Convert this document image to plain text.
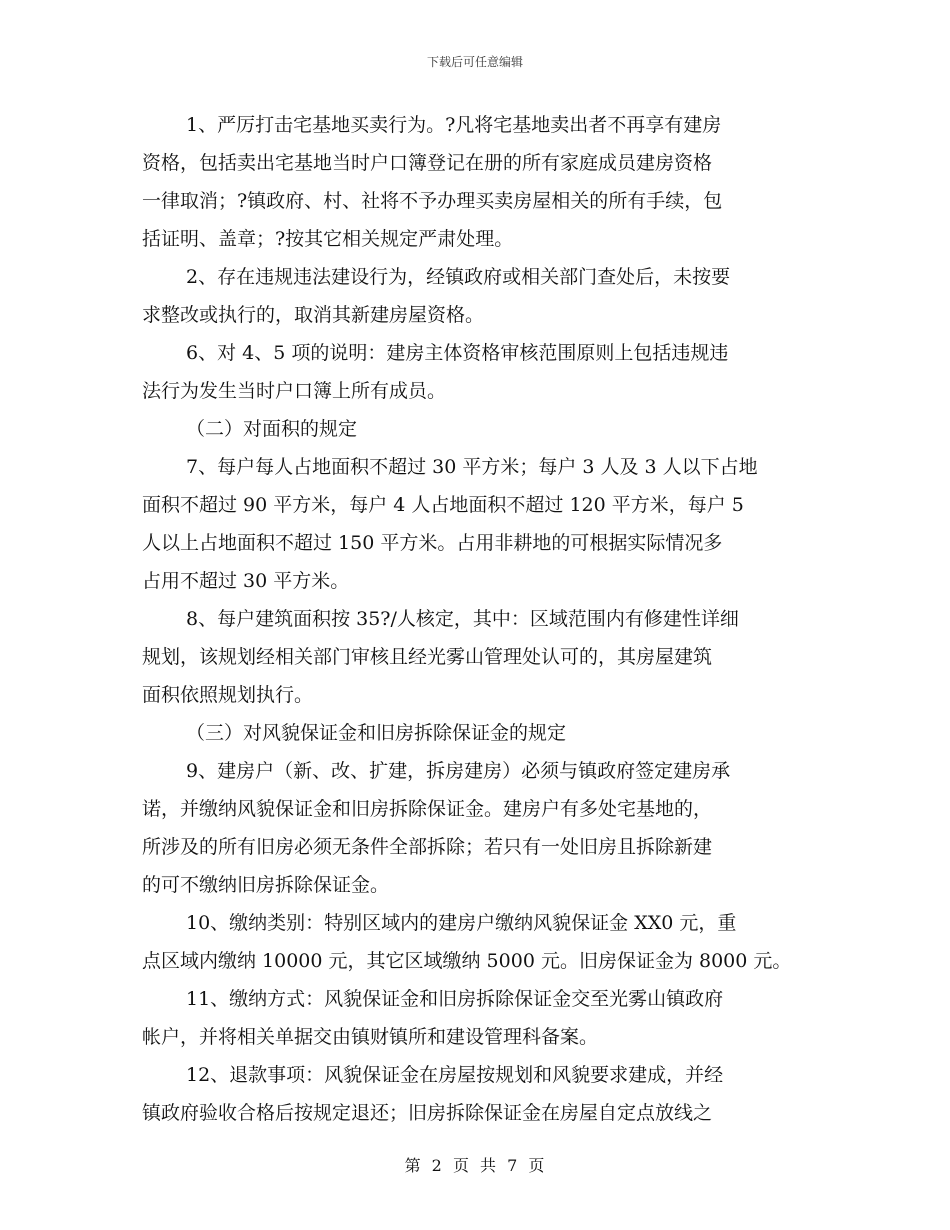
下载后可任意编辑

1、严厉打击宅基地买卖行为。?凡将宅基地卖出者不再享有建房
资格，包括卖出宅基地当时户口簿登记在册的所有家庭成员建房资格
一律取消；?镇政府、村、社将不予办理买卖房屋相关的所有手续，包
括证明、盖章；?按其它相关规定严肃处理。

2、存在违规违法建设行为，经镇政府或相关部门查处后，未按要
求整改或执行的，取消其新建房屋资格。

6、对 4、5 项的说明：建房主体资格审核范围原则上包括违规违
法行为发生当时户口簿上所有成员。

（二）对面积的规定

7、每户每人占地面积不超过 30 平方米；每户 3 人及 3 人以下占地
面积不超过 90 平方米，每户 4 人占地面积不超过 120 平方米，每户 5
人以上占地面积不超过 150 平方米。占用非耕地的可根据实际情况多
占用不超过 30 平方米。

8、每户建筑面积按 35?/人核定，其中：区域范围内有修建性详细
规划，该规划经相关部门审核且经光雾山管理处认可的，其房屋建筑
面积依照规划执行。

（三）对风貌保证金和旧房拆除保证金的规定

9、建房户（新、改、扩建，拆房建房）必须与镇政府签定建房承
诺，并缴纳风貌保证金和旧房拆除保证金。建房户有多处宅基地的，
所涉及的所有旧房必须无条件全部拆除；若只有一处旧房且拆除新建
的可不缴纳旧房拆除保证金。

10、缴纳类别：特别区域内的建房户缴纳风貌保证金 XX0 元，重
点区域内缴纳 10000 元，其它区域缴纳 5000 元。旧房保证金为 8000 元。

11、缴纳方式：风貌保证金和旧房拆除保证金交至光雾山镇政府
帐户，并将相关单据交由镇财镇所和建设管理科备案。

12、退款事项：风貌保证金在房屋按规划和风貌要求建成，并经
镇政府验收合格后按规定退还；旧房拆除保证金在房屋自定点放线之

第 2 页 共 7 页
